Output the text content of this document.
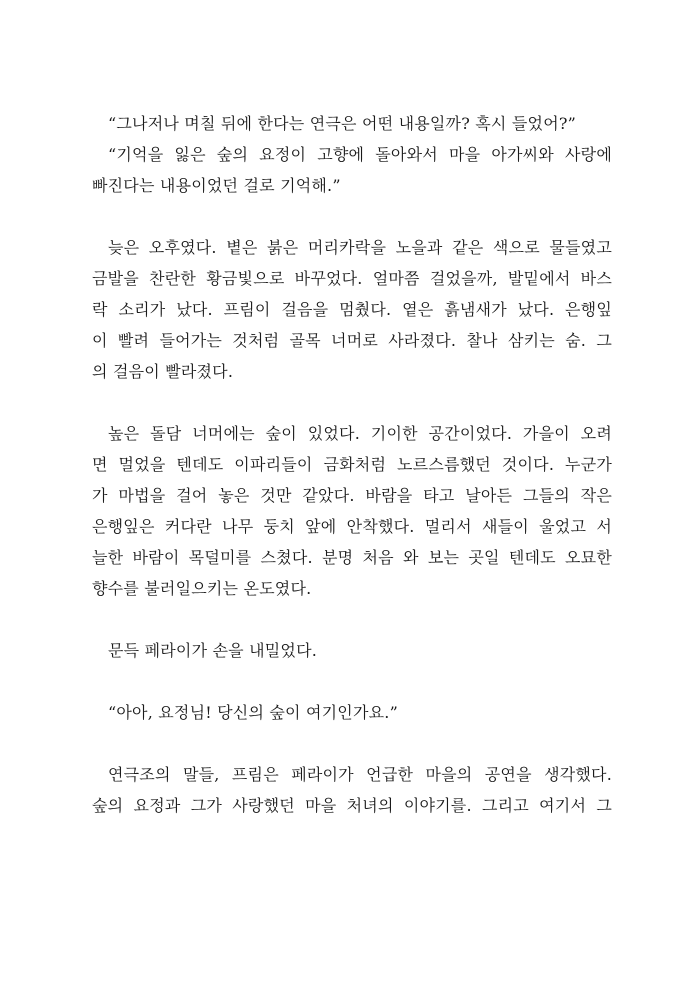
“그나저나 며칠 뒤에 한다는 연극은 어떤 내용일까? 혹시 들었어?”
“기억을 잃은 숲의 요정이 고향에 돌아와서 마을 아가씨와 사랑에
빠진다는 내용이었던 걸로 기억해.”
늦은 오후였다. 볕은 붉은 머리카락을 노을과 같은 색으로 물들였고
금발을 찬란한 황금빛으로 바꾸었다. 얼마쯤 걸었을까, 발밑에서 바스
락 소리가 났다. 프림이 걸음을 멈췄다. 옅은 흙냄새가 났다. 은행잎
이 빨려 들어가는 것처럼 골목 너머로 사라졌다. 찰나 삼키는 숨. 그
의 걸음이 빨라졌다.
높은 돌담 너머에는 숲이 있었다. 기이한 공간이었다. 가을이 오려
면 멀었을 텐데도 이파리들이 금화처럼 노르스름했던 것이다. 누군가
가 마법을 걸어 놓은 것만 같았다. 바람을 타고 날아든 그들의 작은
은행잎은 커다란 나무 둥치 앞에 안착했다. 멀리서 새들이 울었고 서
늘한 바람이 목덜미를 스쳤다. 분명 처음 와 보는 곳일 텐데도 오묘한
향수를 불러일으키는 온도였다.
문득 페라이가 손을 내밀었다.
“아아, 요정님! 당신의 숲이 여기인가요.”
연극조의 말들, 프림은 페라이가 언급한 마을의 공연을 생각했다.
숲의 요정과 그가 사랑했던 마을 처녀의 이야기를. 그리고 여기서 그
